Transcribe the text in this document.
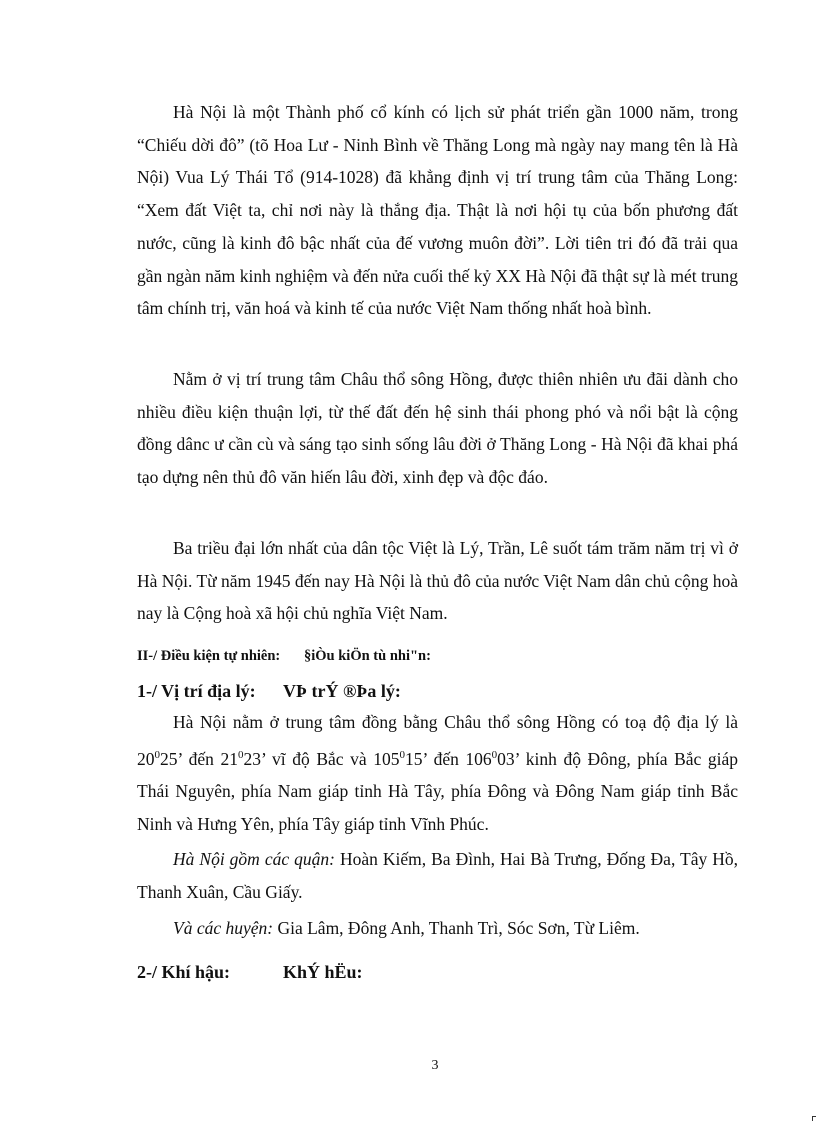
Hà Nội là một Thành phố cổ kính có lịch sử phát triển gần 1000 năm, trong “Chiếu dời đô” (tõ Hoa Lư - Ninh Bình về Thăng Long mà ngày nay mang tên là Hà Nội) Vua Lý Thái Tổ (914-1028) đã khẳng định vị trí trung tâm của Thăng Long: “Xem đất Việt ta, chỉ nơi này là thắng địa. Thật là nơi hội tụ của bốn phương đất nước, cũng là kinh đô bậc nhất của đế vương muôn đời”. Lời tiên tri đó đã trải qua gần ngàn năm kinh nghiệm và đến nửa cuối thế kỷ XX Hà Nội đã thật sự là mét trung tâm chính trị, văn hoá và kinh tế của nước Việt Nam thống nhất hoà bình.

Nằm ở vị trí trung tâm Châu thổ sông Hồng, được thiên nhiên ưu đãi dành cho nhiều điều kiện thuận lợi, từ thế đất đến hệ sinh thái phong phó và nổi bật là cộng đồng dânc ư cần cù và sáng tạo sinh sống lâu đời ở Thăng Long - Hà Nội đã khai phá tạo dựng nên thủ đô văn hiến lâu đời, xinh đẹp và độc đáo.

Ba triều đại lớn nhất của dân tộc Việt là Lý, Trần, Lê suốt tám trăm năm trị vì ở Hà Nội. Từ năm 1945 đến nay Hà Nội là thủ đô của nước Việt Nam dân chủ cộng hoà nay là Cộng hoà xã hội chủ nghĩa Việt Nam.

II-/ Điều kiện tự nhiên: §iÒu kiÖn tù nhi"n:
1-/ Vị trí địa lý: VÞ trÝ ®Þa lý:

Hà Nội nằm ở trung tâm đồng bằng Châu thổ sông Hồng có toạ độ địa lý là $20^025$’ đến $21^023$’ vĩ độ Bắc và $105^015$’ đến $106^003$’ kinh độ Đông, phía Bắc giáp Thái Nguyên, phía Nam giáp tỉnh Hà Tây, phía Đông và Đông Nam giáp tỉnh Bắc Ninh và Hưng Yên, phía Tây giáp tỉnh Vĩnh Phúc.

Hà Nội gồm các quận: Hoàn Kiếm, Ba Đình, Hai Bà Trưng, Đống Đa, Tây Hồ, Thanh Xuân, Cầu Giấy.

Và các huyện: Gia Lâm, Đông Anh, Thanh Trì, Sóc Sơn, Từ Liêm.

2-/ Khí hậu:	KhÝ hËu:
3
